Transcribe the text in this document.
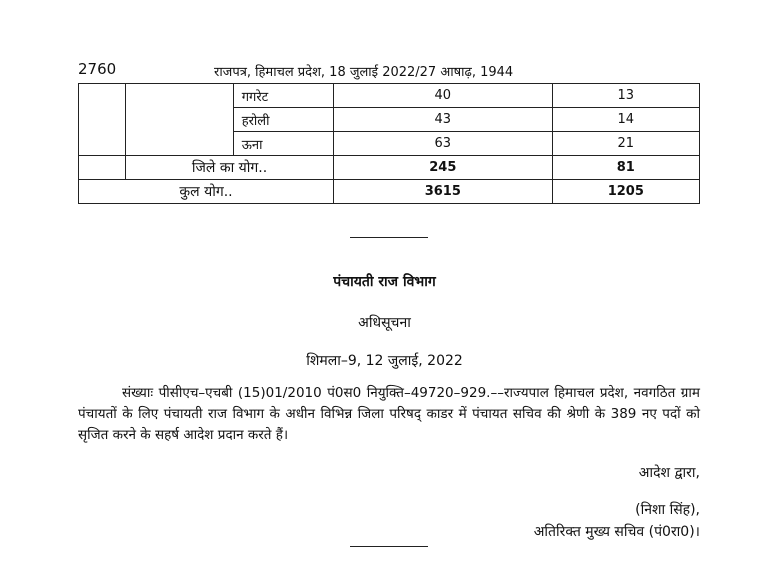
2760	राजपत्र, हिमाचल प्रदेश, 18 जुलाई 2022/27 आषाढ़, 1944
		गगरेट	40	13
		हरोली	43	14
		ऊना	63	21
	जिले का योग..		245	81
कुल योग..			3615	1205
पंचायती राज विभाग
अधिसूचना
शिमला–9, 12 जुलाई, 2022
संख्याः पीसीएच–एचबी (15)01/2010 पं0स0 नियुक्ति–49720–929.––राज्यपाल हिमाचल प्रदेश, नवगठित ग्राम पंचायतों के लिए पंचायती राज विभाग के अधीन विभिन्न जिला परिषद् काडर में पंचायत सचिव की श्रेणी के 389 नए पदों को सृजित करने के सहर्ष आदेश प्रदान करते हैं।
आदेश द्वारा,
(निशा सिंह),
अतिरिक्त मुख्य सचिव (पं0रा0)।
